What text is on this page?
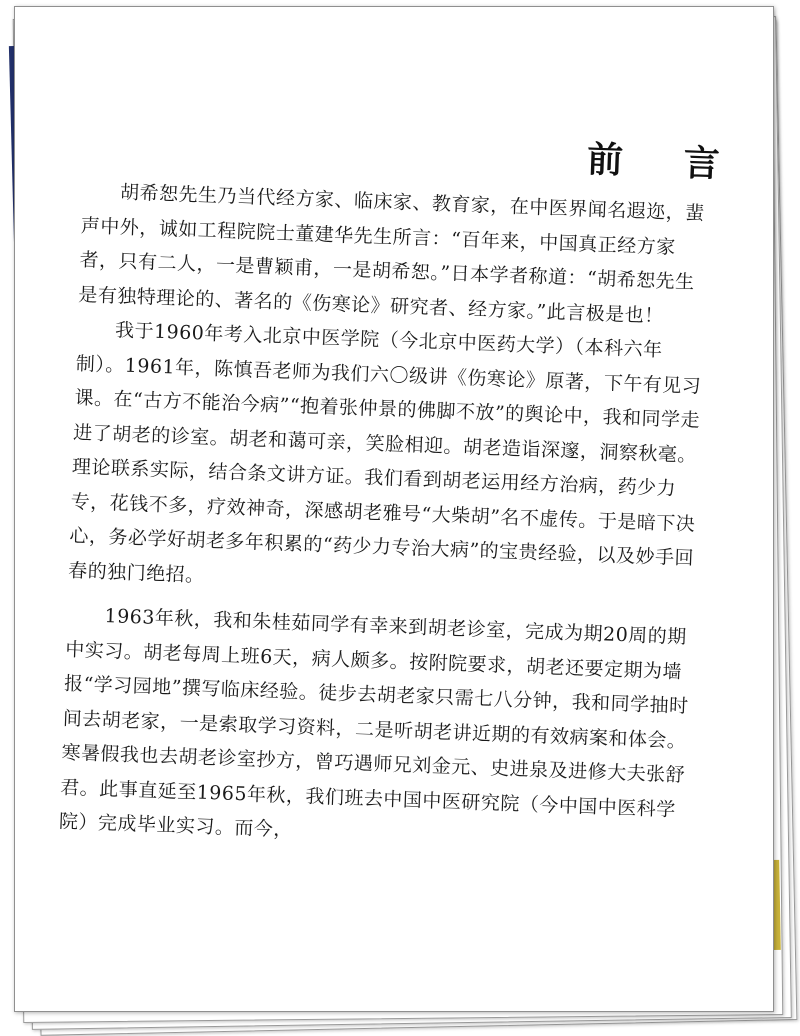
前 言

胡希恕先生乃当代经方家、临床家、教育家，在中医界闻名遐迩，蜚声中外，诚如工程院院士董建华先生所言：“百年来，中国真正经方家者，只有二人，一是曹颖甫，一是胡希恕。”日本学者称道：“胡希恕先生是有独特理论的、著名的《伤寒论》研究者、经方家。”此言极是也！

我于1960年考入北京中医学院（今北京中医药大学）（本科六年制）。1961年，陈慎吾老师为我们六〇级讲《伤寒论》原著，下午有见习课。在“古方不能治今病”“抱着张仲景的佛脚不放”的舆论中，我和同学走进了胡老的诊室。胡老和蔼可亲，笑脸相迎。胡老造诣深邃，洞察秋毫。理论联系实际，结合条文讲方证。我们看到胡老运用经方治病，药少力专，花钱不多，疗效神奇，深感胡老雅号“大柴胡”名不虚传。于是暗下决心，务必学好胡老多年积累的“药少力专治大病”的宝贵经验，以及妙手回春的独门绝招。

1963年秋，我和朱桂茹同学有幸来到胡老诊室，完成为期20周的期中实习。胡老每周上班6天，病人颇多。按附院要求，胡老还要定期为墙报“学习园地”撰写临床经验。徒步去胡老家只需七八分钟，我和同学抽时间去胡老家，一是索取学习资料，二是听胡老讲近期的有效病案和体会。寒暑假我也去胡老诊室抄方，曾巧遇师兄刘金元、史进泉及进修大夫张舒君。此事直延至1965年秋，我们班去中国中医研究院（今中国中医科学院）完成毕业实习。而今，
